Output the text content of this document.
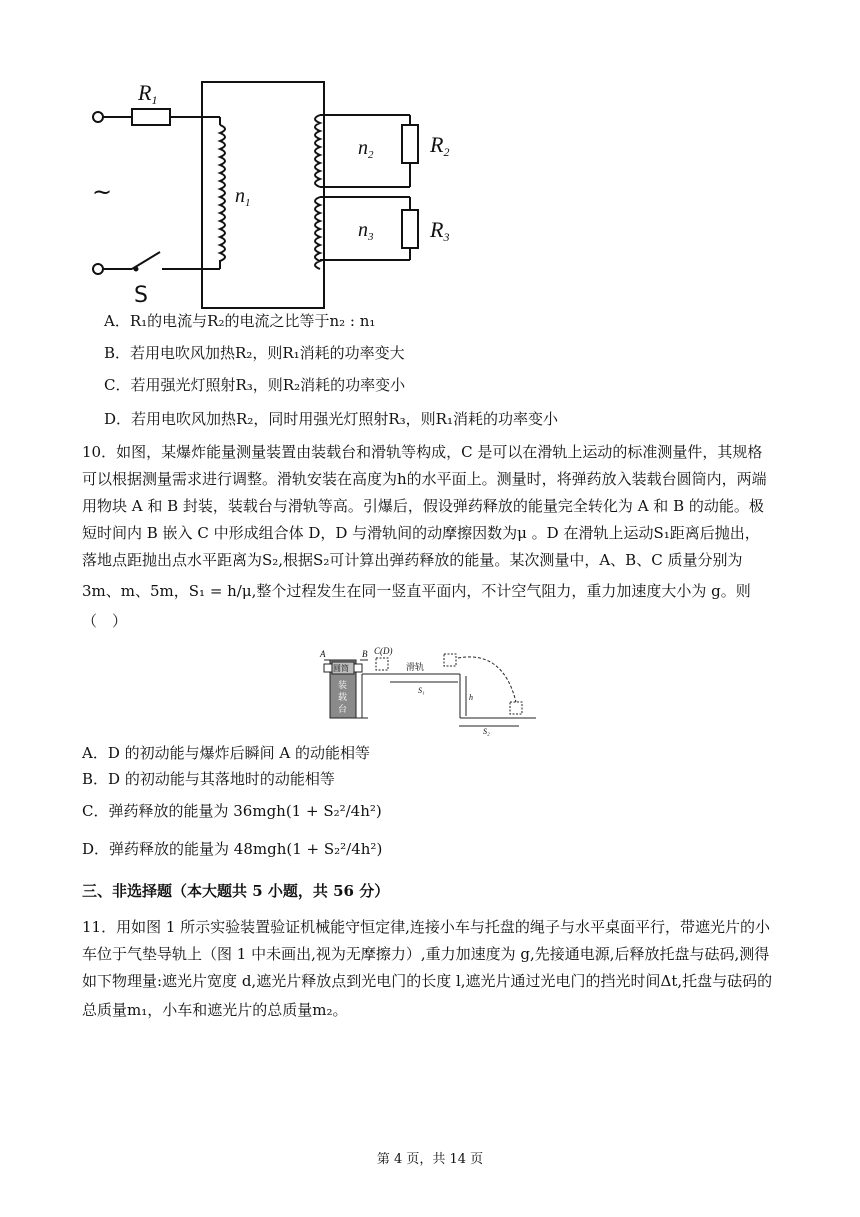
R1
R2
R3
$n_1$
$n_2$
$n_3$
~
S
A．R₁的电流与R₂的电流之比等于n₂ : n₁
B．若用电吹风加热R₂，则R₁消耗的功率变大
C．若用强光灯照射R₃，则R₂消耗的功率变小
D．若用电吹风加热R₂，同时用强光灯照射R₃，则R₁消耗的功率变小
10．如图，某爆炸能量测量装置由装载台和滑轨等构成，C 是可以在滑轨上运动的标准测量件，其规格
可以根据测量需求进行调整。滑轨安装在高度为h的水平面上。测量时，将弹药放入装载台圆筒内，两端
用物块 A 和 B 封装，装载台与滑轨等高。引爆后，假设弹药释放的能量完全转化为 A 和 B 的动能。极
短时间内 B 嵌入 C 中形成组合体 D，D 与滑轨间的动摩擦因数为μ 。D 在滑轨上运动S₁距离后抛出，
落地点距抛出点水平距离为S₂,根据S₂可计算出弹药释放的能量。某次测量中，A、B、C 质量分别为
3m、m、5m，S₁ = h/μ,整个过程发生在同一竖直平面内，不计空气阻力，重力加速度大小为 g。则
（　）
A	B C(D)
圆筒
装
载
台
滑轨
S₁
h
S₂
A．D 的初动能与爆炸后瞬间 A 的动能相等
B．D 的初动能与其落地时的动能相等
C．弹药释放的能量为 36mgh(1 + S₂²/4h²)
D．弹药释放的能量为 48mgh(1 + S₂²/4h²)
三、非选择题（本大题共 5 小题，共 56 分）
11．用如图 1 所示实验装置验证机械能守恒定律,连接小车与托盘的绳子与水平桌面平行，带遮光片的小
车位于气垫导轨上（图 1 中未画出,视为无摩擦力）,重力加速度为 g,先接通电源,后释放托盘与砝码,测得
如下物理量:遮光片宽度 d,遮光片释放点到光电门的长度 l,遮光片通过光电门的挡光时间Δt,托盘与砝码的
总质量m₁，小车和遮光片的总质量m₂。
第 4 页，共 14 页
